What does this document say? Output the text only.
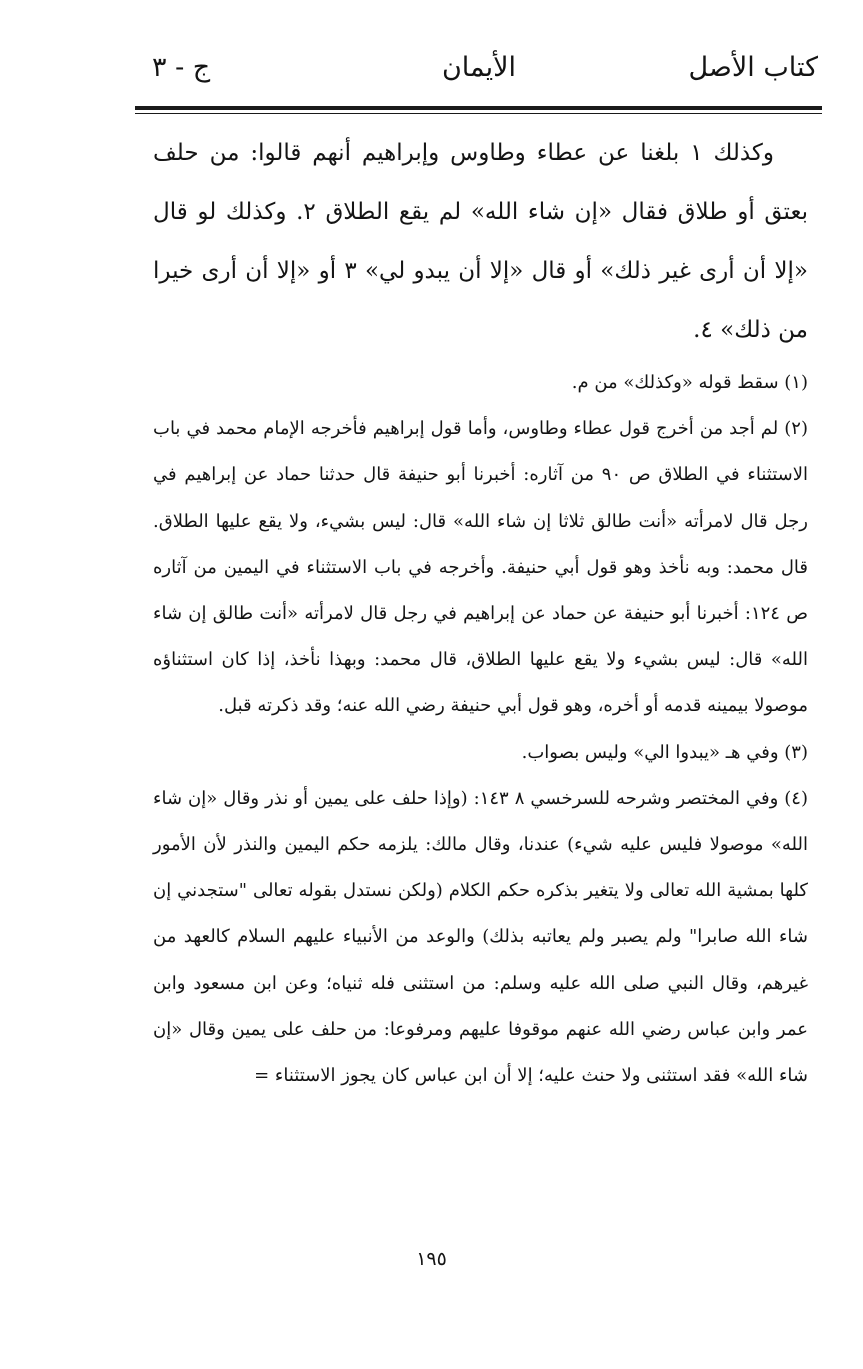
كتاب الأصل
الأيمان
ج - ٣

وكذلك ١ بلغنا عن عطاء وطاوس وإبراهيم أنهم قالوا: من حلف بعتق أو طلاق فقال «إن شاء الله» لم يقع الطلاق ٢. وكذلك لو قال «إلا أن أرى غير ذلك» أو قال «إلا أن يبدو لي» ٣ أو «إلا أن أرى خيرا من ذلك» ٤.

(١) سقط قوله «وكذلك» من م.

(٢) لم أجد من أخرج قول عطاء وطاوس، وأما قول إبراهيم فأخرجه الإمام محمد في باب الاستثناء في الطلاق ص ٩٠ من آثاره: أخبرنا أبو حنيفة قال حدثنا حماد عن إبراهيم في رجل قال لامرأته «أنت طالق ثلاثا إن شاء الله» قال: ليس بشيء، ولا يقع عليها الطلاق. قال محمد: وبه نأخذ وهو قول أبي حنيفة. وأخرجه في باب الاستثناء في اليمين من آثاره ص ١٢٤: أخبرنا أبو حنيفة عن حماد عن إبراهيم في رجل قال لامرأته «أنت طالق إن شاء الله» قال: ليس بشيء ولا يقع عليها الطلاق، قال محمد: وبهذا نأخذ، إذا كان استثناؤه موصولا بيمينه قدمه أو أخره، وهو قول أبي حنيفة رضي الله عنه؛ وقد ذكرته قبل.

(٣) وفي هـ «يبدوا الي» وليس بصواب.

(٤) وفي المختصر وشرحه للسرخسي ٨ ١٤٣: (وإذا حلف على يمين أو نذر وقال «إن شاء الله» موصولا فليس عليه شيء) عندنا، وقال مالك: يلزمه حكم اليمين والنذر لأن الأمور كلها بمشية الله تعالى ولا يتغير بذكره حكم الكلام (ولكن نستدل بقوله تعالى "ستجدني إن شاء الله صابرا" ولم يصبر ولم يعاتبه بذلك) والوعد من الأنبياء عليهم السلام كالعهد من غيرهم، وقال النبي صلى الله عليه وسلم: من استثنى فله ثنياه؛ وعن ابن مسعود وابن عمر وابن عباس رضي الله عنهم موقوفا عليهم ومرفوعا: من حلف على يمين وقال «إن شاء الله» فقد استثنى ولا حنث عليه؛ إلا أن ابن عباس كان يجوز الاستثناء =

١٩٥
